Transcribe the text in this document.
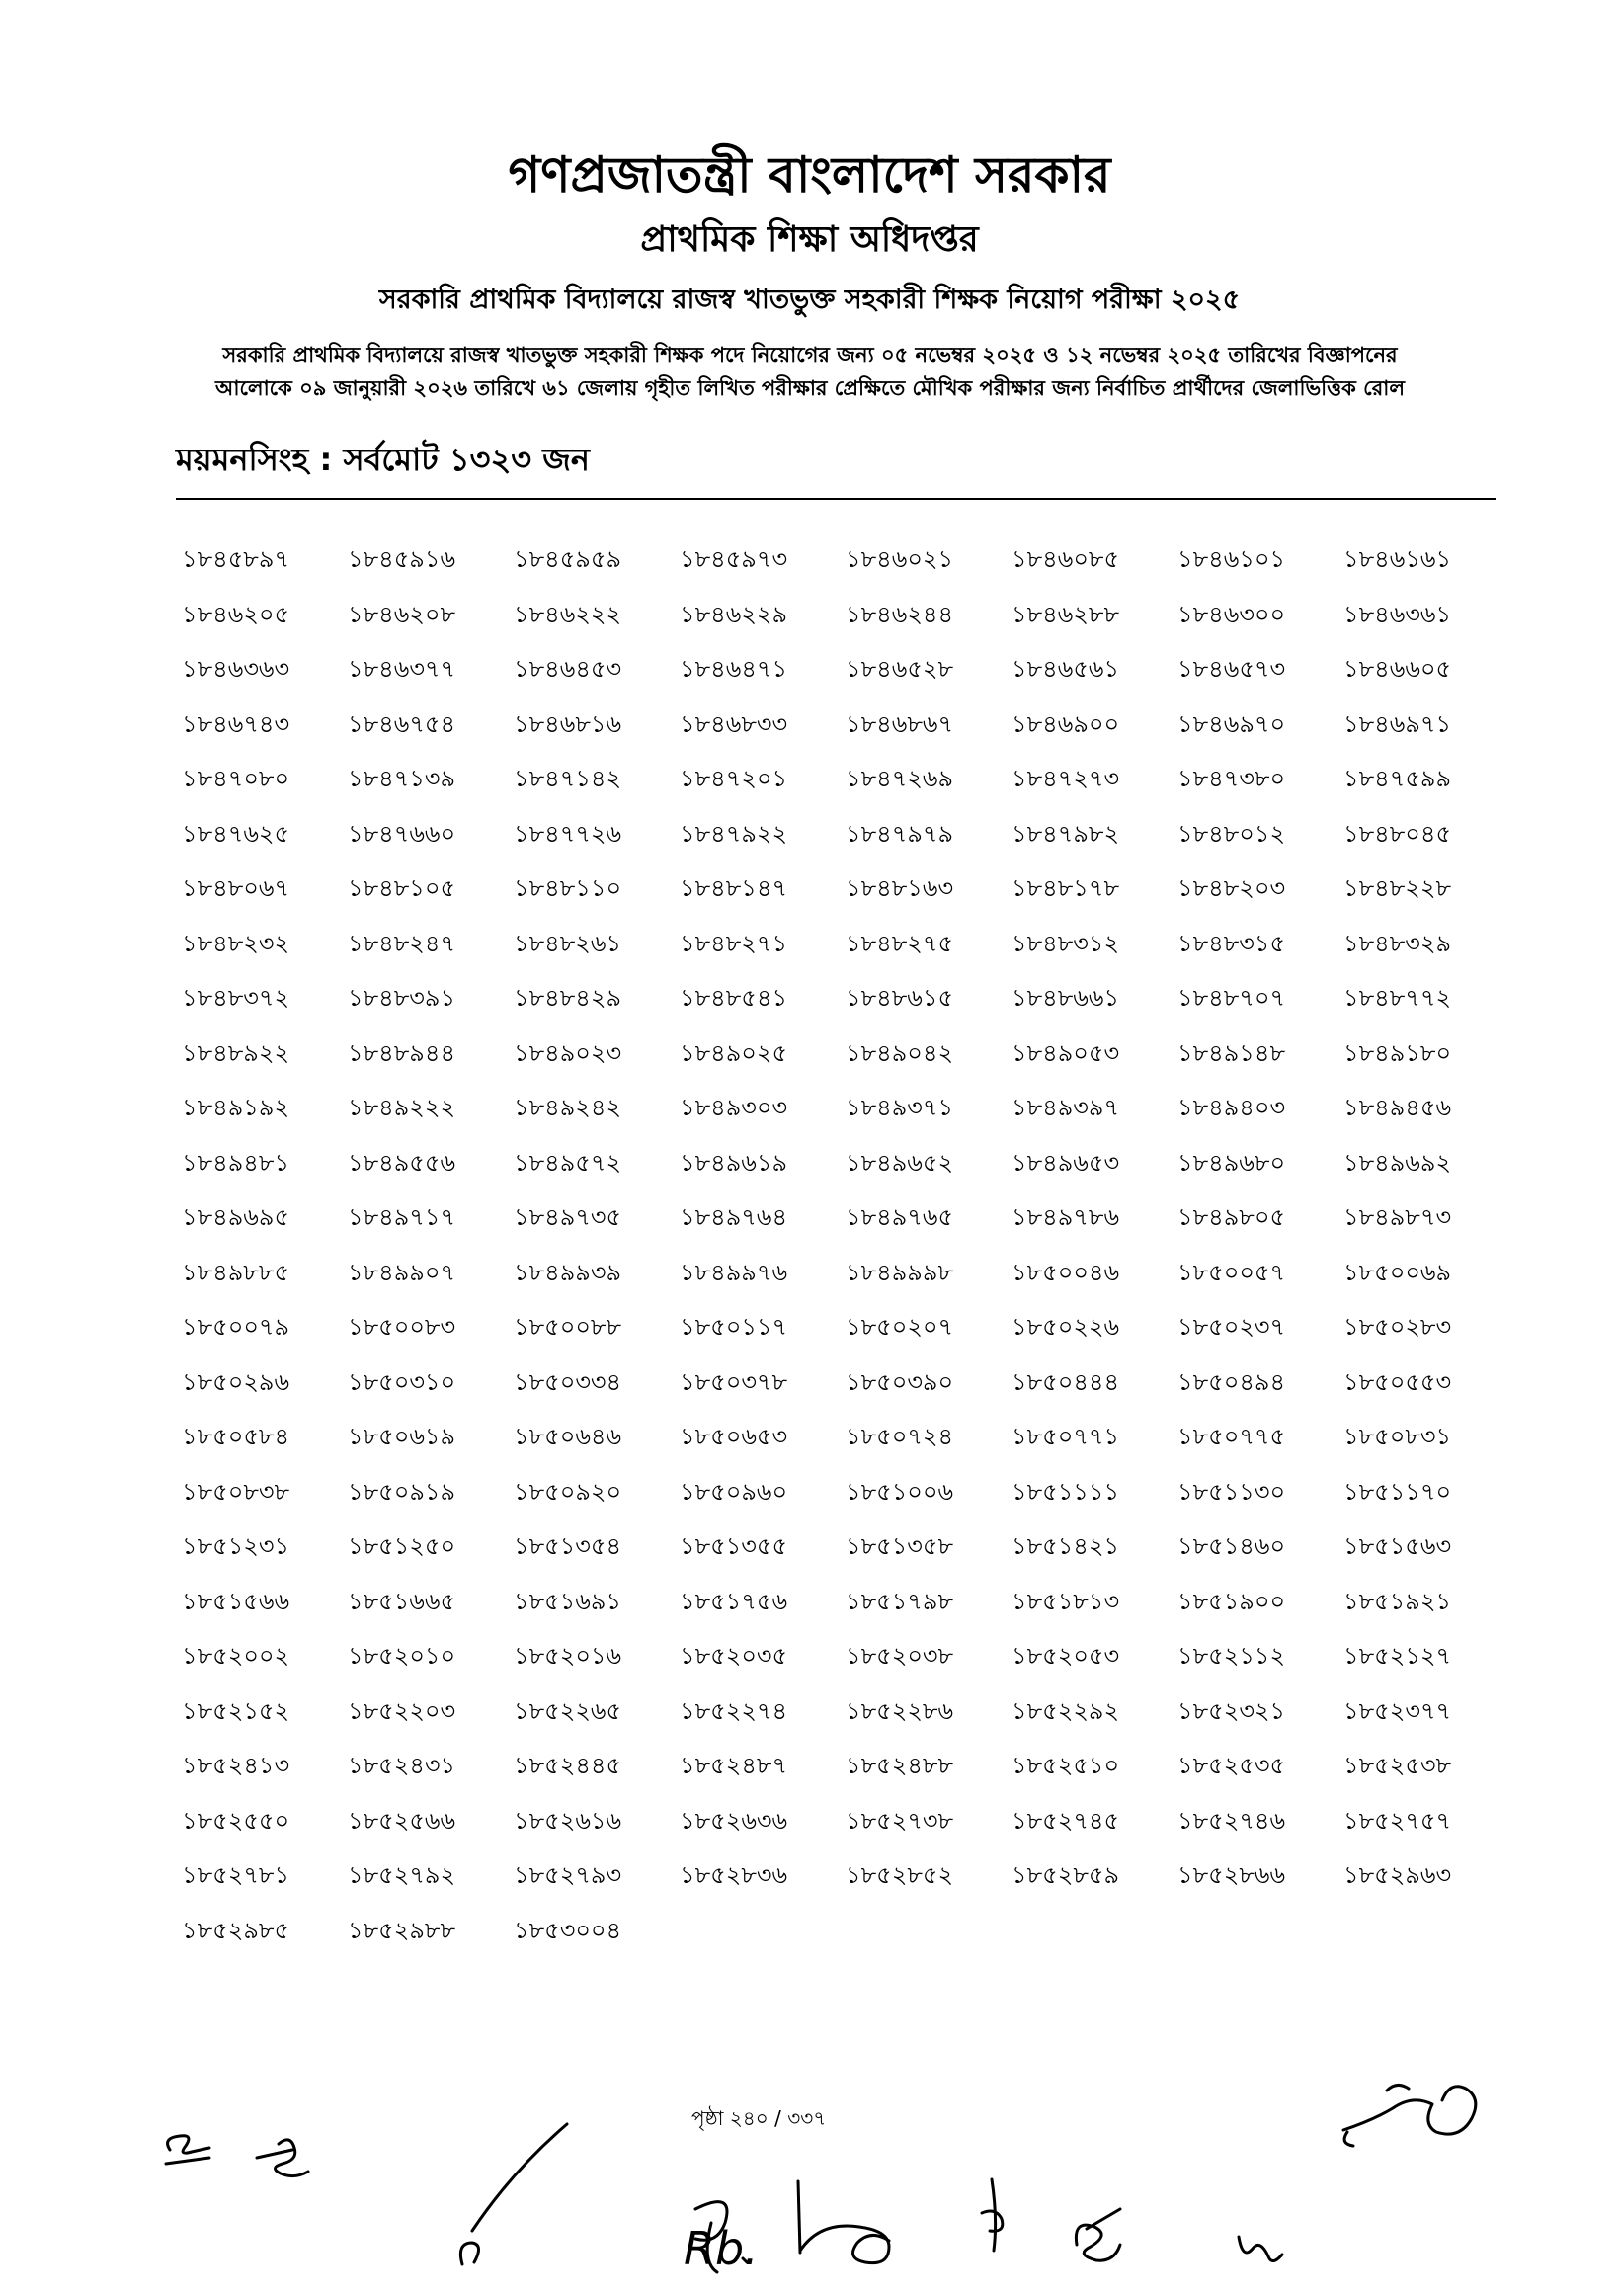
গণপ্রজাতন্ত্রী বাংলাদেশ সরকার
প্রাথমিক শিক্ষা অধিদপ্তর
সরকারি প্রাথমিক বিদ্যালয়ে রাজস্ব খাতভুক্ত সহকারী শিক্ষক নিয়োগ পরীক্ষা ২০২৫
সরকারি প্রাথমিক বিদ্যালয়ে রাজস্ব খাতভুক্ত সহকারী শিক্ষক পদে নিয়োগের জন্য ০৫ নভেম্বর ২০২৫ ও ১২ নভেম্বর ২০২৫ তারিখের বিজ্ঞাপনের
আলোকে ০৯ জানুয়ারী ২০২৬ তারিখে ৬১ জেলায় গৃহীত লিখিত পরীক্ষার প্রেক্ষিতে মৌখিক পরীক্ষার জন্য নির্বাচিত প্রার্থীদের জেলাভিত্তিক রোল
ময়মনসিংহ : সর্বমোট ১৩২৩ জন
১৮৪৫৮৯৭	১৮৪৫৯১৬	১৮৪৫৯৫৯	১৮৪৫৯৭৩	১৮৪৬০২১	১৮৪৬০৮৫	১৮৪৬১০১	১৮৪৬১৬১
১৮৪৬২০৫	১৮৪৬২০৮	১৮৪৬২২২	১৮৪৬২২৯	১৮৪৬২৪৪	১৮৪৬২৮৮	১৮৪৬৩০০	১৮৪৬৩৬১
১৮৪৬৩৬৩	১৮৪৬৩৭৭	১৮৪৬৪৫৩	১৮৪৬৪৭১	১৮৪৬৫২৮	১৮৪৬৫৬১	১৮৪৬৫৭৩	১৮৪৬৬০৫
১৮৪৬৭৪৩	১৮৪৬৭৫৪	১৮৪৬৮১৬	১৮৪৬৮৩৩	১৮৪৬৮৬৭	১৮৪৬৯০০	১৮৪৬৯৭০	১৮৪৬৯৭১
১৮৪৭০৮০	১৮৪৭১৩৯	১৮৪৭১৪২	১৮৪৭২০১	১৮৪৭২৬৯	১৮৪৭২৭৩	১৮৪৭৩৮০	১৮৪৭৫৯৯
১৮৪৭৬২৫	১৮৪৭৬৬০	১৮৪৭৭২৬	১৮৪৭৯২২	১৮৪৭৯৭৯	১৮৪৭৯৮২	১৮৪৮০১২	১৮৪৮০৪৫
১৮৪৮০৬৭	১৮৪৮১০৫	১৮৪৮১১০	১৮৪৮১৪৭	১৮৪৮১৬৩	১৮৪৮১৭৮	১৮৪৮২০৩	১৮৪৮২২৮
১৮৪৮২৩২	১৮৪৮২৪৭	১৮৪৮২৬১	১৮৪৮২৭১	১৮৪৮২৭৫	১৮৪৮৩১২	১৮৪৮৩১৫	১৮৪৮৩২৯
১৮৪৮৩৭২	১৮৪৮৩৯১	১৮৪৮৪২৯	১৮৪৮৫৪১	১৮৪৮৬১৫	১৮৪৮৬৬১	১৮৪৮৭০৭	১৮৪৮৭৭২
১৮৪৮৯২২	১৮৪৮৯৪৪	১৮৪৯০২৩	১৮৪৯০২৫	১৮৪৯০৪২	১৮৪৯০৫৩	১৮৪৯১৪৮	১৮৪৯১৮০
১৮৪৯১৯২	১৮৪৯২২২	১৮৪৯২৪২	১৮৪৯৩০৩	১৮৪৯৩৭১	১৮৪৯৩৯৭	১৮৪৯৪০৩	১৮৪৯৪৫৬
১৮৪৯৪৮১	১৮৪৯৫৫৬	১৮৪৯৫৭২	১৮৪৯৬১৯	১৮৪৯৬৫২	১৮৪৯৬৫৩	১৮৪৯৬৮০	১৮৪৯৬৯২
১৮৪৯৬৯৫	১৮৪৯৭১৭	১৮৪৯৭৩৫	১৮৪৯৭৬৪	১৮৪৯৭৬৫	১৮৪৯৭৮৬	১৮৪৯৮০৫	১৮৪৯৮৭৩
১৮৪৯৮৮৫	১৮৪৯৯০৭	১৮৪৯৯৩৯	১৮৪৯৯৭৬	১৮৪৯৯৯৮	১৮৫০০৪৬	১৮৫০০৫৭	১৮৫০০৬৯
১৮৫০০৭৯	১৮৫০০৮৩	১৮৫০০৮৮	১৮৫০১১৭	১৮৫০২০৭	১৮৫০২২৬	১৮৫০২৩৭	১৮৫০২৮৩
১৮৫০২৯৬	১৮৫০৩১০	১৮৫০৩৩৪	১৮৫০৩৭৮	১৮৫০৩৯০	১৮৫০৪৪৪	১৮৫০৪৯৪	১৮৫০৫৫৩
১৮৫০৫৮৪	১৮৫০৬১৯	১৮৫০৬৪৬	১৮৫০৬৫৩	১৮৫০৭২৪	১৮৫০৭৭১	১৮৫০৭৭৫	১৮৫০৮৩১
১৮৫০৮৩৮	১৮৫০৯১৯	১৮৫০৯২০	১৮৫০৯৬০	১৮৫১০০৬	১৮৫১১১১	১৮৫১১৩০	১৮৫১১৭০
১৮৫১২৩১	১৮৫১২৫০	১৮৫১৩৫৪	১৮৫১৩৫৫	১৮৫১৩৫৮	১৮৫১৪২১	১৮৫১৪৬০	১৮৫১৫৬৩
১৮৫১৫৬৬	১৮৫১৬৬৫	১৮৫১৬৯১	১৮৫১৭৫৬	১৮৫১৭৯৮	১৮৫১৮১৩	১৮৫১৯০০	১৮৫১৯২১
১৮৫২০০২	১৮৫২০১০	১৮৫২০১৬	১৮৫২০৩৫	১৮৫২০৩৮	১৮৫২০৫৩	১৮৫২১১২	১৮৫২১২৭
১৮৫২১৫২	১৮৫২২০৩	১৮৫২২৬৫	১৮৫২২৭৪	১৮৫২২৮৬	১৮৫২২৯২	১৮৫২৩২১	১৮৫২৩৭৭
১৮৫২৪১৩	১৮৫২৪৩১	১৮৫২৪৪৫	১৮৫২৪৮৭	১৮৫২৪৮৮	১৮৫২৫১০	১৮৫২৫৩৫	১৮৫২৫৩৮
১৮৫২৫৫০	১৮৫২৫৬৬	১৮৫২৬১৬	১৮৫২৬৩৬	১৮৫২৭৩৮	১৮৫২৭৪৫	১৮৫২৭৪৬	১৮৫২৭৫৭
১৮৫২৭৮১	১৮৫২৭৯২	১৮৫২৭৯৩	১৮৫২৮৩৬	১৮৫২৮৫২	১৮৫২৮৫৯	১৮৫২৮৬৬	১৮৫২৯৬৩
১৮৫২৯৮৫	১৮৫২৯৮৮	১৮৫৩০০৪
পৃষ্ঠা ২৪০ / ৩৩৭
Rb.
